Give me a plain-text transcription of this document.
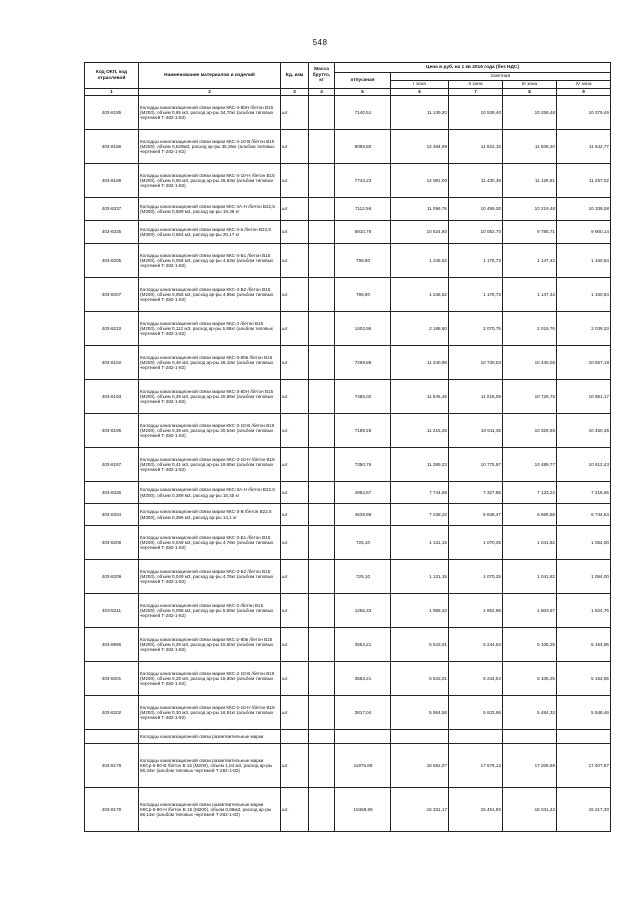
548
Код ОКП, код отраслевой	Наименование материалов и изделий	Ед. изм	Масса брутто, кг	Цена в руб. на 1 кв 2016 года (без НДС)				
				отпускная	Сметная			
					I зона	II зона	III зона	IV зона
1	2	3	4	5	6	7	8	9
403-8185	Колодцы канализационной связи марки ККС-4-80Н /бетон В15 (М200), объем 0,65 м3, расход ар-ры 34,70кг (альбом типовых чертежей Т-282-1-82)	шт.		7140,51	11 139,20	10 539,40	10 259,48	10 379,46
403-8186	Колодцы канализационной связи марки ККС-4-10-В /бетон В15 (М200), объем 0,629м3, расход ар-ры 35,36кг (альбом типовых чертежей Т-282-1-82)	шт.		8059,80	12 494,99	11 822,16	11 508,20	11 642,77
403-8189	Колодцы канализационной связи марки ККС-4-10-Н /бетон В15 (М200), объем 0,56 м3, расход ар-ры 26,93кг (альбом типовых чертежей Т-282-1-82)	шт.		7744,23	12 081,00	11 430,49	11 126,91	11 257,02
403-8337	Колодцы канализационной связи марки ККС-4А-Н /бетон В22,5 (М300), объем 0,589 м3, расход ар-ры 19,39 кг	шт.		7112,56	11 096,76	10 499,30	10 219,48	10 339,08
403-8335	Колодцы канализационной связи марки ККС-4-в /бетон В22,5 (М300), объем 0,564 м3, расход ар-ры 20,17 кг	шт.		6810,76	10 624,80	10 052,70	9 785,71	9 900,14
403-8205	Колодцы канализационной связи марки ККС-4-Б1 /бетон В15 (М200), объем 0,056 м3, расход ар-ры 4,63кг (альбом типовых чертежей Т-282-1-82)	шт.		798,80	1 246,62	1 178,73	1 147,43	1 160,84
403-8207	Колодцы канализационной связи марки ККС-4-Б2 /бетон В15 (М200), объем 0,056 м3, расход ар-ры 4,85кг (альбом типовых чертежей Т-282-1-82)	шт.		798,80	1 246,62	1 178,73	1 147,43	1 160,84
403-8210	Колодцы канализационной связи марки ККС-4 /бетон В15 (М200), объем 0,112 м3, расход ар-ры 5,88кг (альбом типовых чертежей Т-282-1-82)	шт.		1402,95	2 188,60	2 070,75	2 015,76	2 039,33
403-8192	Колодцы канализационной связи марки ККС-3-80в /бетон В15 (М200), объем 0,46 м3, расход ар-ры 26,18кг (альбом типовых чертежей Т-282-1-82)	шт.		7269,86	11 340,98	10 730,03	10 445,06	10 567,18
403-8193	Колодцы канализационной связи марки ККС-3-80Н /бетон В15 (М200), объем 0,49 м3, расход ар-ры 20,86кг (альбом типовых чертежей Т-282-1-82)	шт.		7465,02	11 645,45	11 018,09	10 725,75	10 851,17
403-8196	Колодцы канализационной связи марки ККС-3-10-В /бетон В15 (М200), объем 0,39 м3, расход ар-ры 20,54кг (альбом типовых чертежей Т-282-1-82)	шт.		7189,26	11 215,28	10 611,36	10 329,56	10 450,35
403-8197	Колодцы канализационной связи марки ККС-3-10-Н /бетон В15 (М200), объем 0,41 м3, расход ар-ры 19,65кг (альбом типовых чертежей Т-282-1-82)	шт.		7350,76	11 389,23	10 775,97	10 489,77	10 612,43
403-8336	Колодцы канализационной связи марки ККС-3А-Н /бетон В22,5 (М300), объем 0,389 м3, расход ар-ры 15,45 кг	шт.		4964,57	7 744,69	7 327,85	7 133,24	7 216,65
403-8334	Колодцы канализационной связи марки ККС-3-В /бетон В22,5 (М300), объем 0,386 м3, расход ар-ры 14,1 кг	шт.		4639,88	7 238,22	6 848,47	6 666,58	6 744,54
403-8208	Колодцы канализационной связи марки ККС-3-Б1 /бетон В15 (М200), объем 0,049 м3, расход ар-ры 4,76кг (альбом типовых чертежей Т-282-1-82)	шт.		725,10	1 131,15	1 070,25	1 041,82	1 054,00
403-8209	Колодцы канализационной связи марки ККС-3-Б2 /бетон В15 (М200), объем 0,049 м3, расход ар-ры 4,76кг (альбом типовых чертежей Т-282-1-82)	шт.		725,10	1 131,15	1 070,25	1 041,82	1 054,00
403-8211	Колодцы канализационной связи марки ККС-3 /бетон В15 (М200), объем 0,098 м3, расход ар-ры 5,69кг (альбом типовых чертежей Т-282-1-82)	шт.		1255,33	1 958,32	1 852,88	1 803,67	1 824,76
403-8996	Колодцы канализационной связи марки ККС-2-80в /бетон В15 (М200), объем 0,28 м3, расход ар-ры 15,60кг (альбом типовых чертежей Т-282-1-82)	шт.		3553,21	5 543,01	5 244,54	5 105,25	5 164,95
403-8201	Колодцы канализационной связи марки ККС-2-10-В /бетон В15 (М200), объем 0,28 м3, расход ар-ры 15,60кг (альбом типовых чертежей Т-282-1-82)	шт.		3553,21	5 543,01	5 244,54	5 105,25	5 164,95
403-8202	Колодцы канализационной связи марки ККС-2-10-Н /бетон В15 (М200), объем 0,30 м3, расход ар-ры 16,91кг (альбом типовых чертежей Т-282-1-82)	шт.		3817,04	5 954,58	5 633,96	5 484,33	5 548,46
	Колодцы канализационной связи разветвительные марки							
403-8178	Колодцы канализационной связи разветвительные марки ККСр-5-80-В /бетон В 15 (М200), объем 1,04 м3, расход ар-ры 66,34кг (альбом типовых чертежей Т-282-1-82)	шт.		11975,68	18 682,07	17 676,12	17 206,68	17 407,87
403-8179	Колодцы канализационной связи разветвительные марки ККСр-5-80-Н /бетон В 15 (М200), объем 0,86м3, расход ар-ры 66,14кг (альбом типовых чертежей Т-282-1-82)	шт.		10468,69	16 331,17	15 451,80	15 041,42	15 217,30
